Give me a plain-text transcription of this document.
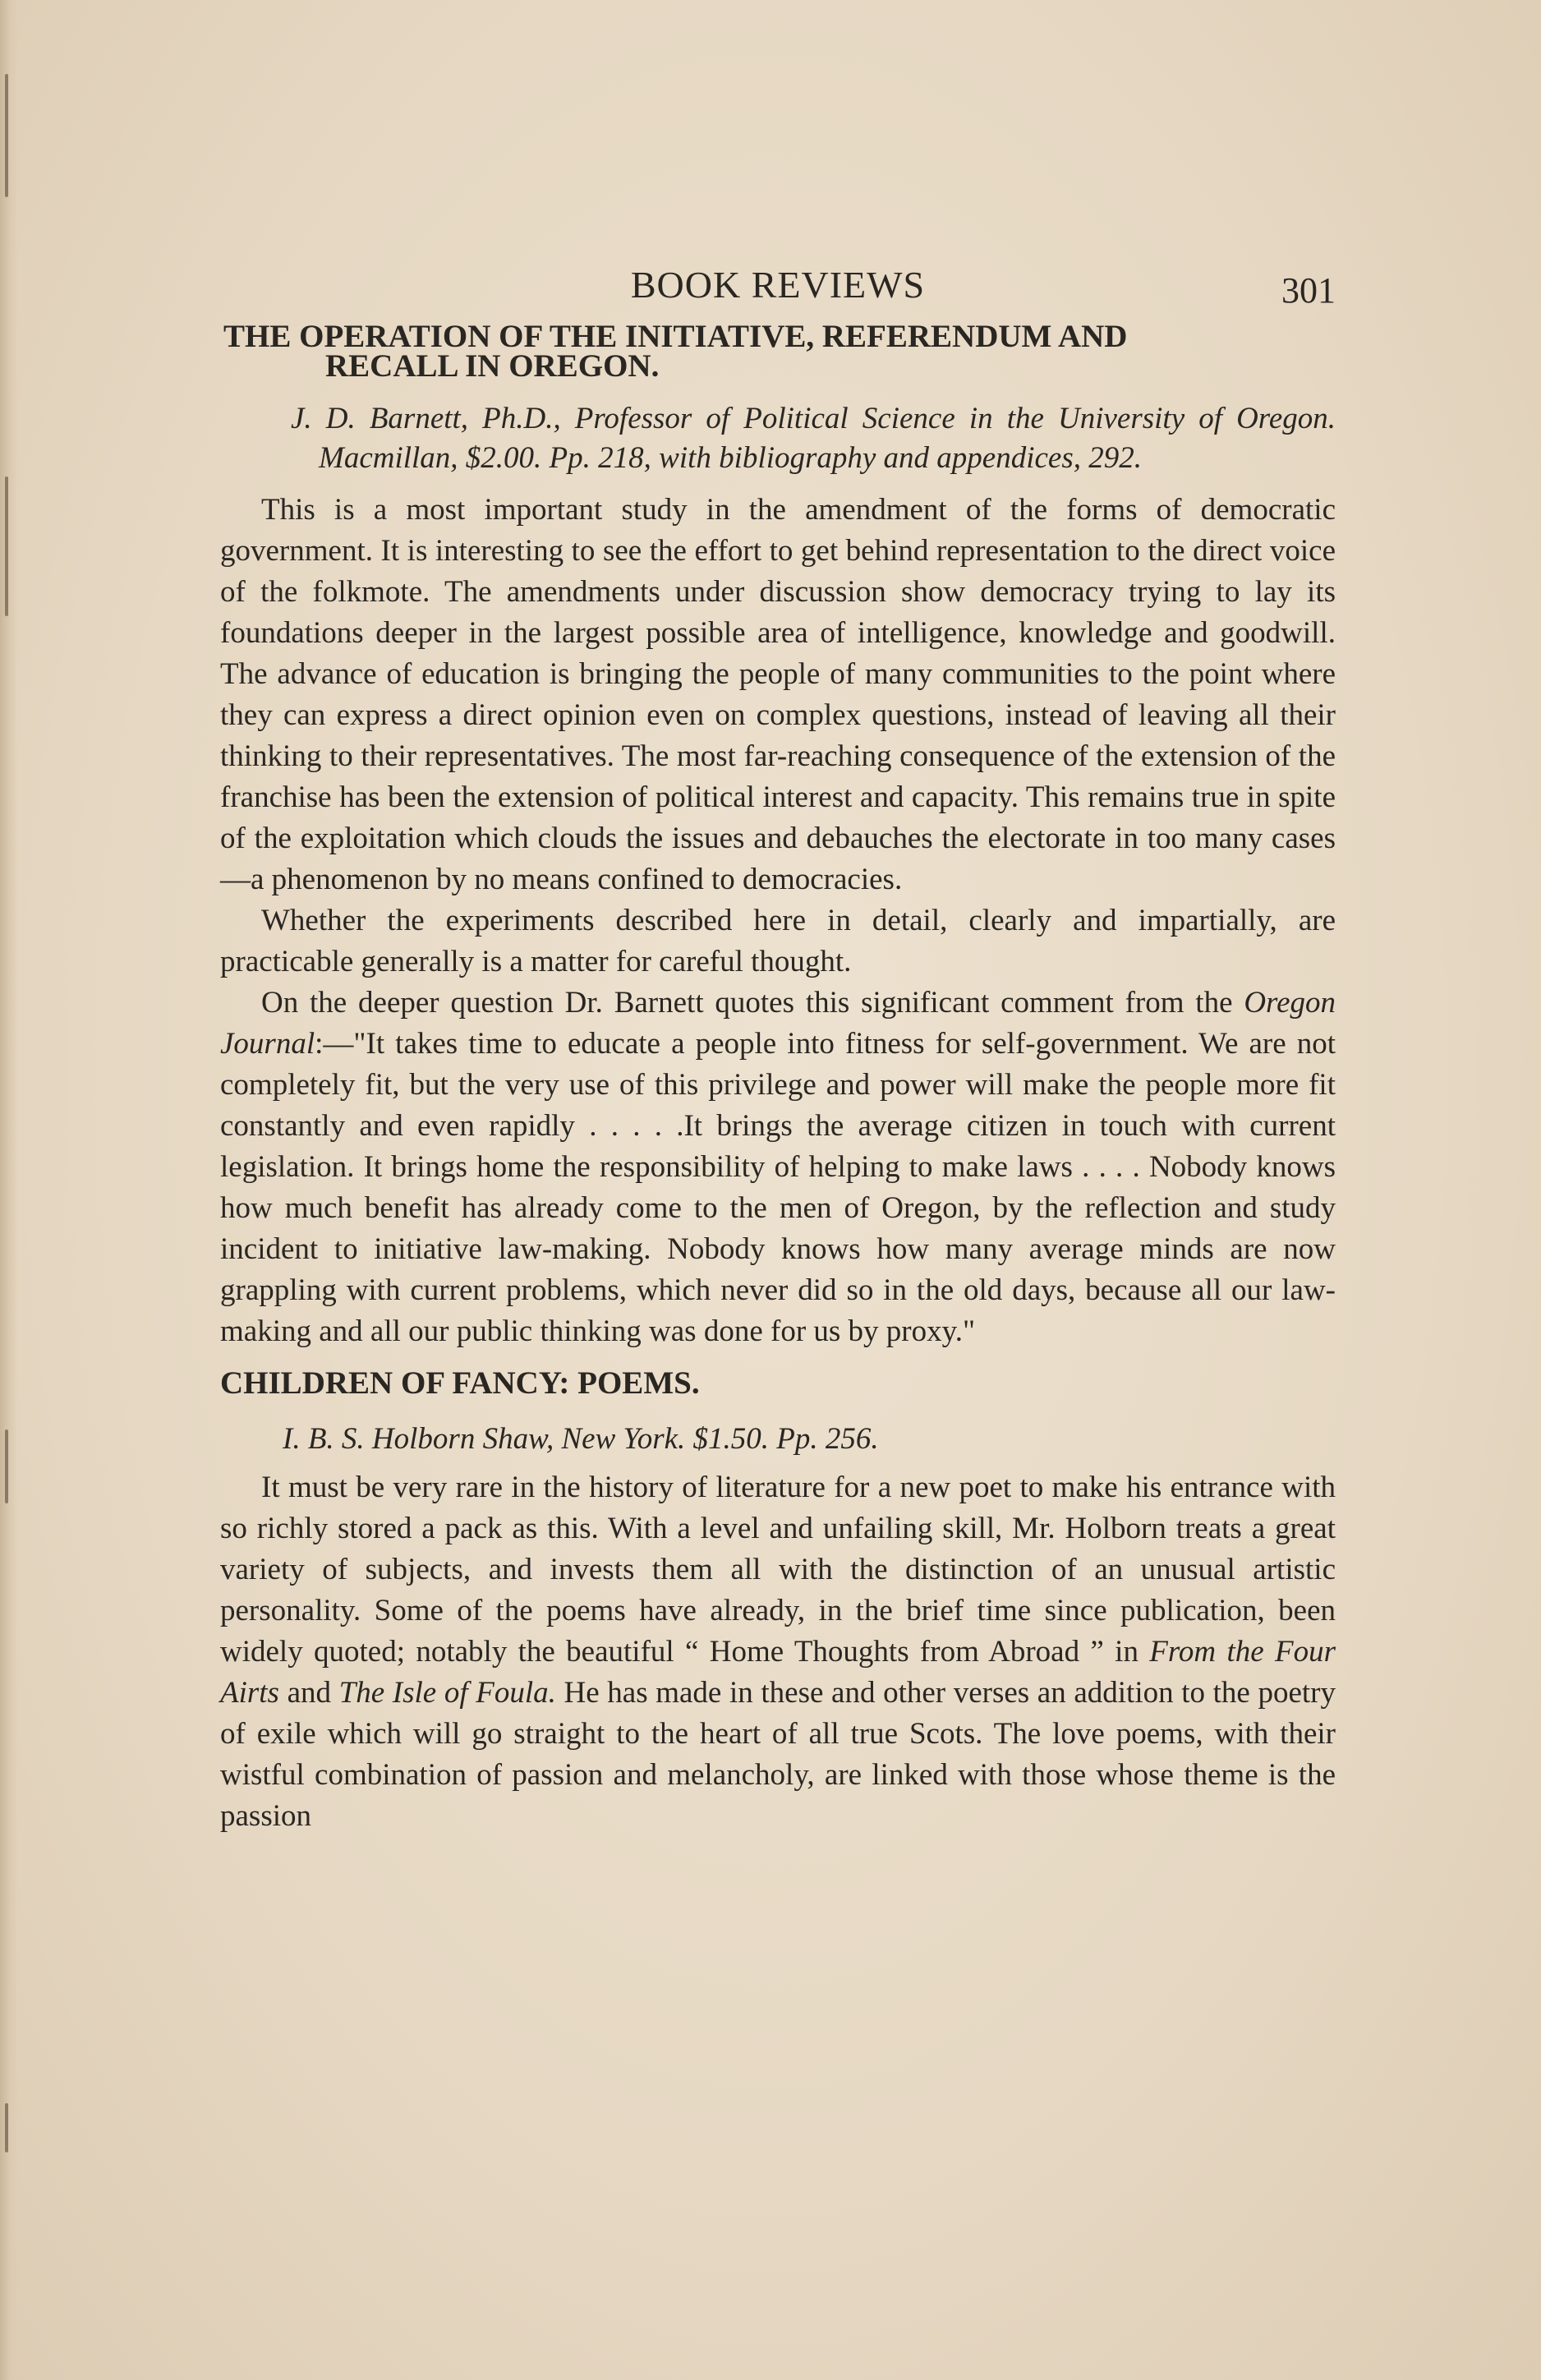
BOOK REVIEWS	301
THE OPERATION OF THE INITIATIVE, REFERENDUM AND
RECALL IN OREGON.

J. D. Barnett, Ph.D., Professor of Political Science in the University of Oregon. Macmillan, $2.00. Pp. 218, with bibliography and appendices, 292.

This is a most important study in the amendment of the forms of democratic government. It is interesting to see the effort to get behind representation to the direct voice of the folkmote. The amendments under discussion show democracy trying to lay its foundations deeper in the largest possible area of intelligence, knowledge and goodwill. The advance of education is bringing the people of many communities to the point where they can express a direct opinion even on complex questions, instead of leaving all their thinking to their representatives. The most far-reaching consequence of the extension of the franchise has been the extension of political interest and capacity. This remains true in spite of the exploitation which clouds the issues and debauches the electorate in too many cases—a phenomenon by no means confined to democracies.

Whether the experiments described here in detail, clearly and impartially, are practicable generally is a matter for careful thought.

On the deeper question Dr. Barnett quotes this significant comment from the Oregon Journal:—"It takes time to educate a people into fitness for self-government. We are not completely fit, but the very use of this privilege and power will make the people more fit constantly and even rapidly . . . . .It brings the average citizen in touch with current legislation. It brings home the responsibility of helping to make laws . . . . Nobody knows how much benefit has already come to the men of Oregon, by the reflection and study incident to initiative law-making. Nobody knows how many average minds are now grappling with current problems, which never did so in the old days, because all our law-making and all our public thinking was done for us by proxy."

CHILDREN OF FANCY: POEMS.

I. B. S. Holborn Shaw, New York. $1.50. Pp. 256.

It must be very rare in the history of literature for a new poet to make his entrance with so richly stored a pack as this. With a level and unfailing skill, Mr. Holborn treats a great variety of subjects, and invests them all with the distinction of an unusual artistic personality. Some of the poems have already, in the brief time since publication, been widely quoted; notably the beautiful “ Home Thoughts from Abroad ” in From the Four Airts and The Isle of Foula. He has made in these and other verses an addition to the poetry of exile which will go straight to the heart of all true Scots. The love poems, with their wistful combination of passion and melancholy, are linked with those whose theme is the passion
